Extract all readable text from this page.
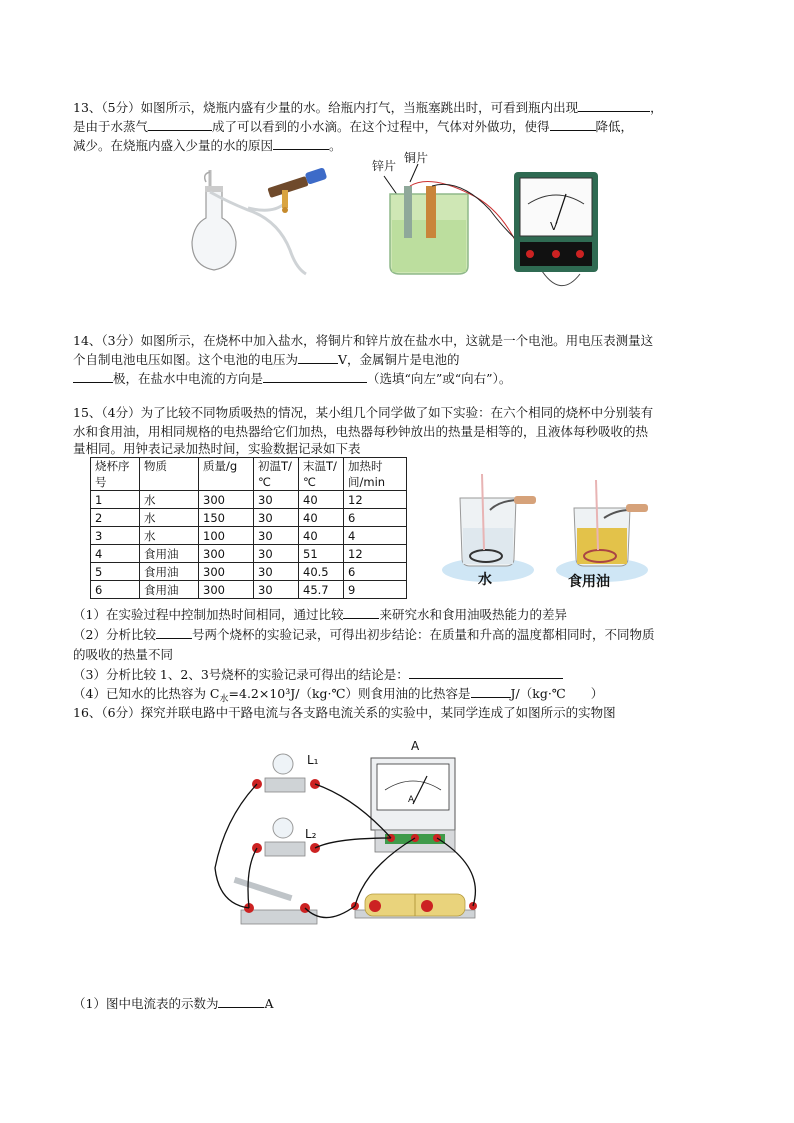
13、（5分）如图所示，烧瓶内盛有少量的水。给瓶内打气，当瓶塞跳出时，可看到瓶内出现	，
是由于水蒸气	成了可以看到的小水滴。在这个过程中，气体对外做功，使得	降低，
减少。在烧瓶内盛入少量的水的原因	。
锌片
铜片
V
14、（3分）如图所示，在烧杯中加入盐水，将铜片和锌片放在盐水中，这就是一个电池。用电压表测量这
个自制电池电压如图。这个电池的电压为	V，金属铜片是电池的
极，在盐水中电流的方向是	（选填“向左”或“向右”）。
15、（4分）为了比较不同物质吸热的情况，某小组几个同学做了如下实验：在六个相同的烧杯中分别装有
水和食用油，用相同规格的电热器给它们加热，电热器每秒钟放出的热量是相等的，且液体每秒吸收的热
量相同。用钟表记录加热时间，实验数据记录如下表
烧杯序号	物质	质量/g	初温T/℃	末温T/℃	加热时间/min
1	水	300	30	40	12
2	水	150	30	40	6
3	水	100	30	40	4
4	食用油	300	30	51	12
5	食用油	300	30	40.5	6
6	食用油	300	30	45.7	9
水	食用油
（1）在实验过程中控制加热时间相同，通过比较	来研究水和食用油吸热能力的差异
（2）分析比较	号两个烧杯的实验记录，可得出初步结论：在质量和升高的温度都相同时，不同物质
的吸收的热量不同
（3）分析比较 1、2、3号烧杯的实验记录可得出的结论是：
（4）已知水的比热容为 $C_水=4.2\times 10^3J/(kg\cdot℃)$则食用油的比热容是	J/（kg·℃　　）
16、（6分）探究并联电路中干路电流与各支路电流关系的实验中，某同学连成了如图所示的实物图
A
A
L₁
L₂
（1）图中电流表的示数为	A
